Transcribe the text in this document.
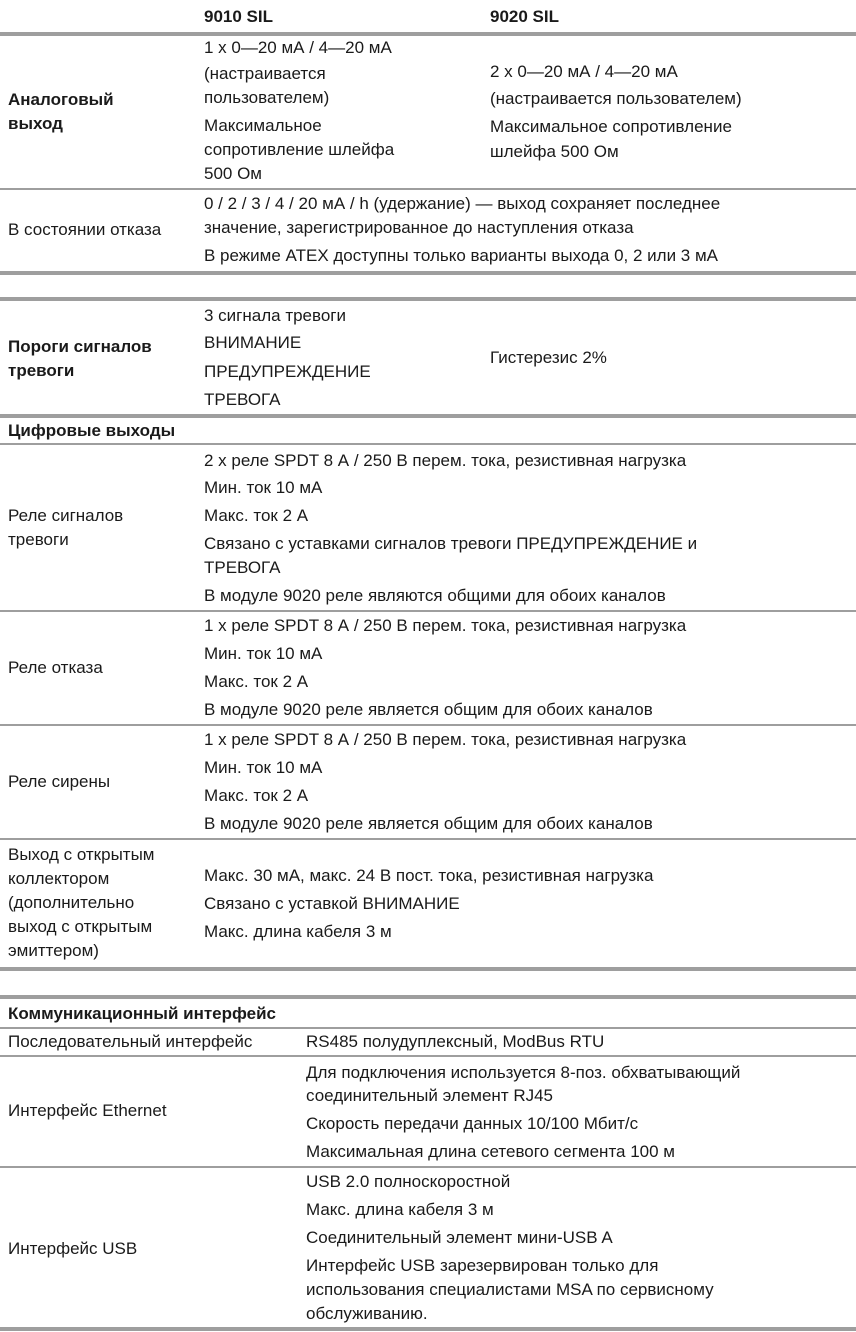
9010 SIL	9020 SIL
Аналоговый
выход
1 x 0—20 мА / 4—20 мА
(настраивается
пользователем)
Максимальное
сопротивление шлейфа
500 Ом
2 x 0—20 мА / 4—20 мА
(настраивается пользователем)
Максимальное сопротивление
шлейфа 500 Ом
В состоянии отказа
0 / 2 / 3 / 4 / 20 мА / h (удержание) — выход сохраняет последнее
значение, зарегистрированное до наступления отказа
В режиме ATEX доступны только варианты выхода 0, 2 или 3 мА
Пороги сигналов
тревоги
3 сигнала тревоги
ВНИМАНИЕ
ПРЕДУПРЕЖДЕНИЕ
ТРЕВОГА
Гистерезис 2%
Цифровые выходы
Реле сигналов
тревоги
2 x реле SPDT 8 А / 250 В перем. тока, резистивная нагрузка
Мин. ток 10 мА
Макс. ток 2 А
Связано с уставками сигналов тревоги ПРЕДУПРЕЖДЕНИЕ и
ТРЕВОГА
В модуле 9020 реле являются общими для обоих каналов
Реле отказа
1 x реле SPDT 8 А / 250 В перем. тока, резистивная нагрузка
Мин. ток 10 мА
Макс. ток 2 А
В модуле 9020 реле является общим для обоих каналов
Реле сирены
1 x реле SPDT 8 А / 250 В перем. тока, резистивная нагрузка
Мин. ток 10 мА
Макс. ток 2 А
В модуле 9020 реле является общим для обоих каналов
Выход с открытым
коллектором
(дополнительно
выход с открытым
эмиттером)
Макс. 30 мА, макс. 24 В пост. тока, резистивная нагрузка
Связано с уставкой ВНИМАНИЕ
Макс. длина кабеля 3 м
Коммуникационный интерфейс
Последовательный интерфейс	RS485 полудуплексный, ModBus RTU
Интерфейс Ethernet
Для подключения используется 8-поз. обхватывающий
соединительный элемент RJ45
Скорость передачи данных 10/100 Мбит/с
Максимальная длина сетевого сегмента 100 м
Интерфейс USB
USB 2.0 полноскоростной
Макс. длина кабеля 3 м
Соединительный элемент мини-USB A
Интерфейс USB зарезервирован только для
использования специалистами MSA по сервисному
обслуживанию.
